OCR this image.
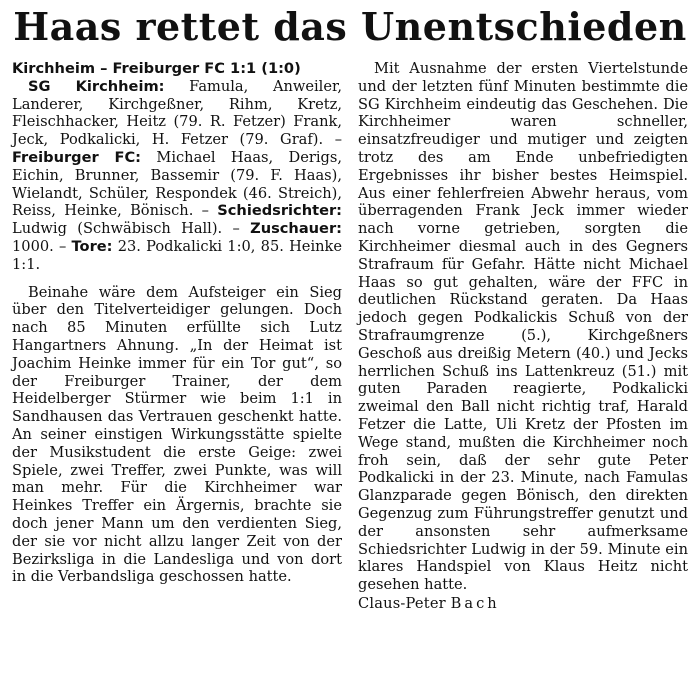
Haas rettet das Unentschieden

Kirchheim – Freiburger FC 1:1 (1:0)

SG Kirchheim: Famula, Anweiler, Landerer, Kirchgeßner, Rihm, Kretz, Fleischhacker, Heitz (79. R. Fetzer) Frank, Jeck, Podkalicki, H. Fetzer (79. Graf). – Freiburger FC: Michael Haas, Derigs, Eichin, Brunner, Bassemir (79. F. Haas), Wielandt, Schüler, Respondek (46. Streich), Reiss, Heinke, Bönisch. – Schiedsrichter: Ludwig (Schwäbisch Hall). – Zuschauer: 1000. – Tore: 23. Podkalicki 1:0, 85. Heinke 1:1.

Beinahe wäre dem Aufsteiger ein Sieg über den Titelverteidiger gelungen. Doch nach 85 Minuten erfüllte sich Lutz Hangartners Ahnung. „In der Heimat ist Joachim Heinke immer für ein Tor gut“, so der Freiburger Trainer, der dem Heidelberger Stürmer wie beim 1:1 in Sandhausen das Vertrauen geschenkt hatte. An seiner einstigen Wirkungsstätte spielte der Musikstudent die erste Geige: zwei Spiele, zwei Treffer, zwei Punkte, was will man mehr. Für die Kirchheimer war Heinkes Treffer ein Ärgernis, brachte sie doch jener Mann um den verdienten Sieg, der sie vor nicht allzu langer Zeit von der Bezirksliga in die Landesliga und von dort in die Verbandsliga geschossen hatte.

Mit Ausnahme der ersten Viertelstunde und der letzten fünf Minuten bestimmte die SG Kirchheim eindeutig das Geschehen. Die Kirchheimer waren schneller, einsatzfreudiger und mutiger und zeigten trotz des am Ende unbefriedigten Ergebnisses ihr bisher bestes Heimspiel. Aus einer fehlerfreien Abwehr heraus, vom überragenden Frank Jeck immer wieder nach vorne getrieben, sorgten die Kirchheimer diesmal auch in des Gegners Strafraum für Gefahr. Hätte nicht Michael Haas so gut gehalten, wäre der FFC in deutlichen Rückstand geraten. Da Haas jedoch gegen Podkalickis Schuß von der Strafraumgrenze (5.), Kirchgeßners Geschoß aus dreißig Metern (40.) und Jecks herrlichen Schuß ins Lattenkreuz (51.) mit guten Paraden reagierte, Podkalicki zweimal den Ball nicht richtig traf, Harald Fetzer die Latte, Uli Kretz der Pfosten im Wege stand, mußten die Kirchheimer noch froh sein, daß der sehr gute Peter Podkalicki in der 23. Minute, nach Famulas Glanzparade gegen Bönisch, den direkten Gegenzug zum Führungstreffer genutzt und der ansonsten sehr aufmerksame Schiedsrichter Ludwig in der 59. Minute ein klares Handspiel von Klaus Heitz nicht gesehen hatte.

Claus-Peter Bach
